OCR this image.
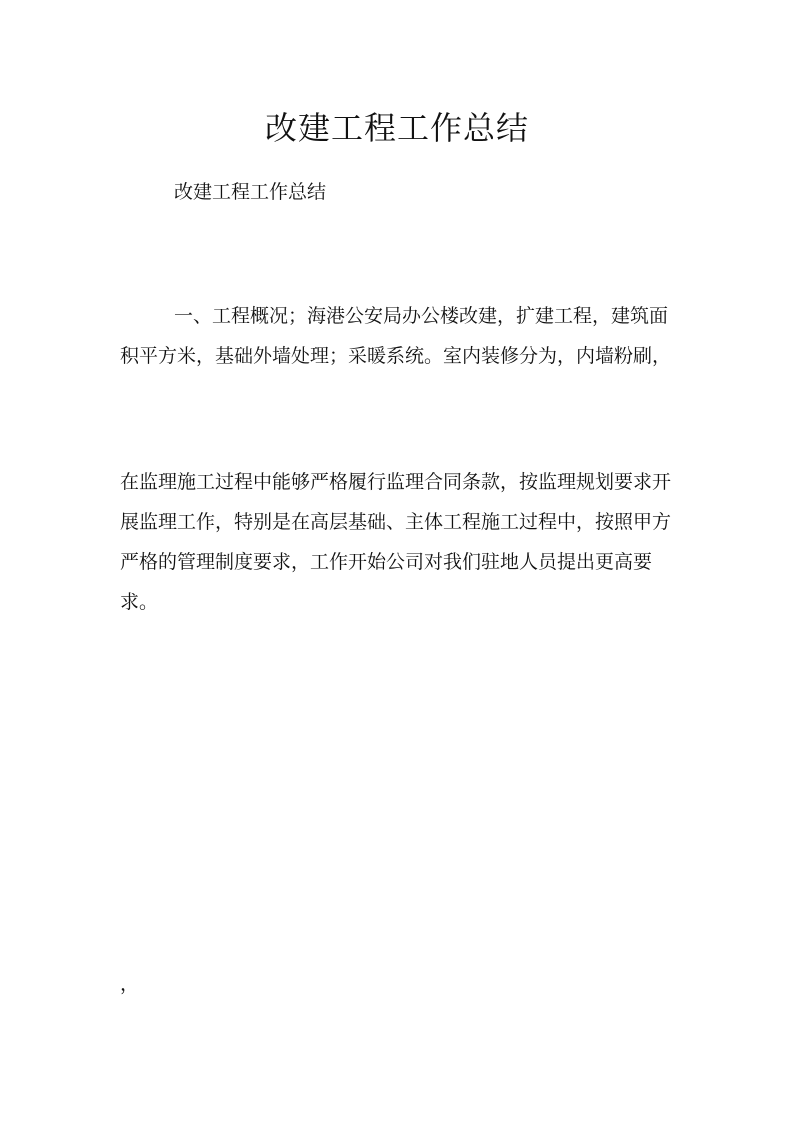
改建工程工作总结
改建工程工作总结
一、工程概况；海港公安局办公楼改建，扩建工程，建筑面积平方米，基础外墙处理；采暖系统。室内装修分为，内墙粉刷，
在监理施工过程中能够严格履行监理合同条款，按监理规划要求开展监理工作，特别是在高层基础、主体工程施工过程中，按照甲方严格的管理制度要求，工作开始公司对我们驻地人员提出更高要求。
，
